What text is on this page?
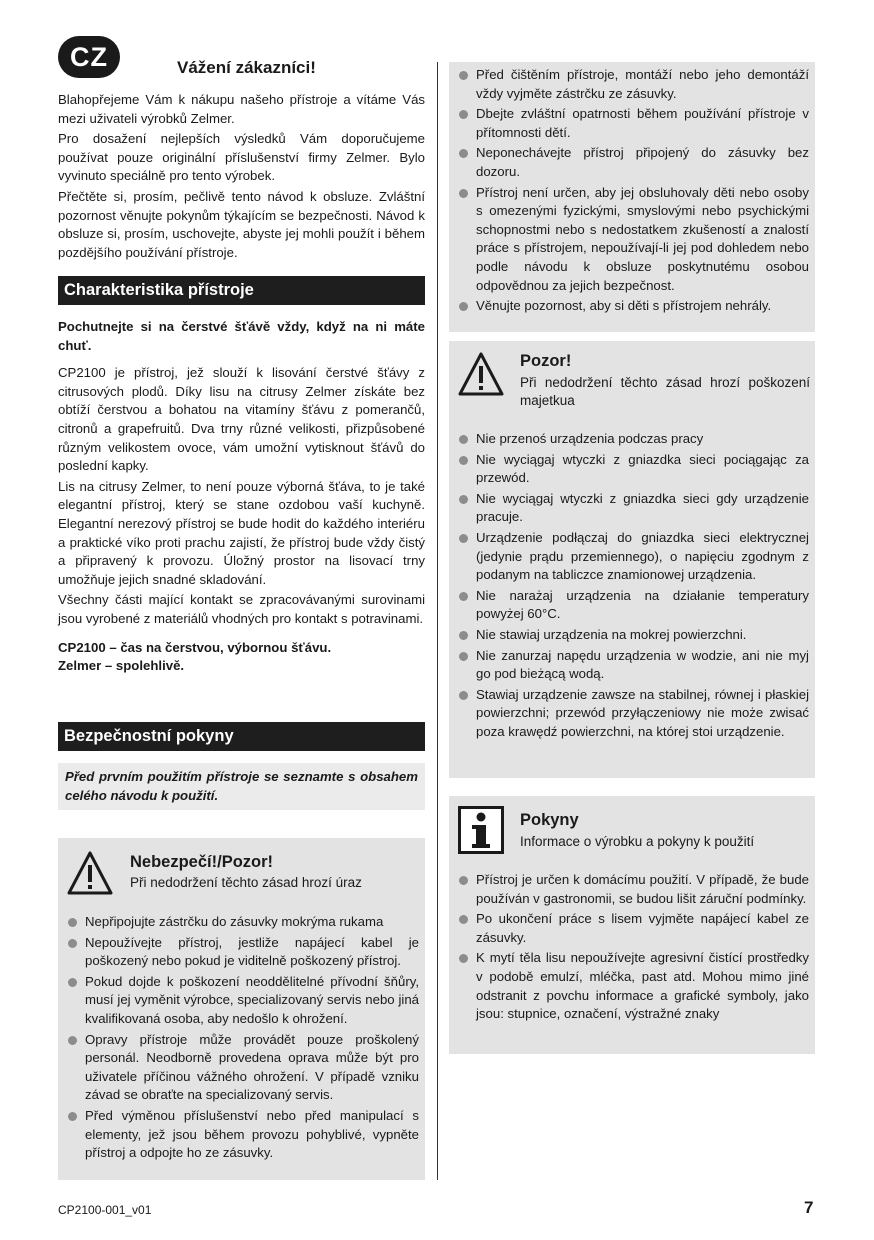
CZ	Vážení zákazníci!

Blahopřejeme Vám k nákupu našeho přístroje a vítáme Vás mezi uživateli výrobků Zelmer.

Pro dosažení nejlepších výsledků Vám doporučujeme používat pouze originální příslušenství firmy Zelmer. Bylo vyvinuto speciálně pro tento výrobek.

Přečtěte si, prosím, pečlivě tento návod k obsluze. Zvláštní pozornost věnujte pokynům týkajícím se bezpečnosti. Návod k obsluze si, prosím, uschovejte, abyste jej mohli použít i během pozdějšího používání přístroje.

Charakteristika přístroje

Pochutnejte si na čerstvé šťávě vždy, když na ni máte chuť.

CP2100 je přístroj, jež slouží k lisování čerstvé šťávy z citrusových plodů. Díky lisu na citrusy Zelmer získáte bez obtíží čerstvou a bohatou na vitamíny šťávu z pomerančů, citronů a grapefruitů. Dva trny různé velikosti, přizpůsobené různým velikostem ovoce, vám umožní vytisknout šťávů do poslední kapky.

Lis na citrusy Zelmer, to není pouze výborná šťáva, to je také elegantní přístroj, který se stane ozdobou vaší kuchyně. Elegantní nerezový přístroj se bude hodit do každého interiéru a praktické víko proti prachu zajistí, že přístroj bude vždy čistý a připravený k provozu. Úložný prostor na lisovací trny umožňuje jejich snadné skladování.

Všechny části mající kontakt se zpracovávanými surovinami jsou vyrobené z materiálů vhodných pro kontakt s potravinami.

CP2100 – čas na čerstvou, výbornou šťávu.

Zelmer – spolehlivě.

Bezpečnostní pokyny
Před prvním použitím přístroje se seznamte s obsahem celého návodu k použití.
Nebezpečí!/Pozor!
Při nedodržení těchto zásad hrozí úraz
Nepřipojujte zástrčku do zásuvky mokrýma rukama
Nepoužívejte přístroj, jestliže napájecí kabel je poškozený nebo pokud je viditelně poškozený přístroj.
Pokud dojde k poškození neoddělitelné přívodní šňůry, musí jej vyměnit výrobce, specializovaný servis nebo jiná kvalifikovaná osoba, aby nedošlo k ohrožení.
Opravy přístroje může provádět pouze proškolený personál. Neodborně provedena oprava může být pro uživatele příčinou vážného ohrožení. V případě vzniku závad se obraťte na specializovaný servis.
Před výměnou příslušenství nebo před manipulací s elementy, jež jsou během provozu pohyblivé, vypněte přístroj a odpojte ho ze zásuvky.
Před čištěním přístroje, montáží nebo jeho demontáží vždy vyjměte zástrčku ze zásuvky.
Dbejte zvláštní opatrnosti během používání přístroje v přítomnosti dětí.
Neponechávejte přístroj připojený do zásuvky bez dozoru.
Přístroj není určen, aby jej obsluhovaly děti nebo osoby s omezenými fyzickými, smyslovými nebo psychickými schopnostmi nebo s nedostatkem zkušeností a znalostí práce s přístrojem, nepoužívají-li jej pod dohledem nebo podle návodu k obsluze poskytnutému osobou odpovědnou za jejich bezpečnost.
Věnujte pozornost, aby si děti s přístrojem nehrály.
Pozor!
Při nedodržení těchto zásad hrozí poškození majetkua
Nie przenoś urządzenia podczas pracy
Nie wyciągaj wtyczki z gniazdka sieci pociągając za przewód.
Nie wyciągaj wtyczki z gniazdka sieci gdy urządzenie pracuje.
Urządzenie podłączaj do gniazdka sieci elektrycznej (jedynie prądu przemiennego), o napięciu zgodnym z podanym na tabliczce znamionowej urządzenia.
Nie narażaj urządzenia na działanie temperatury powyżej 60°C.
Nie stawiaj urządzenia na mokrej powierzchni.
Nie zanurzaj napędu urządzenia w wodzie, ani nie myj go pod bieżącą wodą.
Stawiaj urządzenie zawsze na stabilnej, równej i płaskiej powierzchni; przewód przyłączeniowy nie może zwisać poza krawędź powierzchni, na której stoi urządzenie.
Pokyny
Informace o výrobku a pokyny k použití
Přístroj je určen k domácímu použití. V případě, že bude používán v gastronomii, se budou lišit záruční podmínky.
Po ukončení práce s lisem vyjměte napájecí kabel ze zásuvky.
K mytí těla lisu nepoužívejte agresivní čistící prostředky v podobě emulzí, mléčka, past atd. Mohou mimo jiné odstranit z povchu informace a grafické symboly, jako jsou: stupnice, označení, výstražné znaky
CP2100-001_v01	7
